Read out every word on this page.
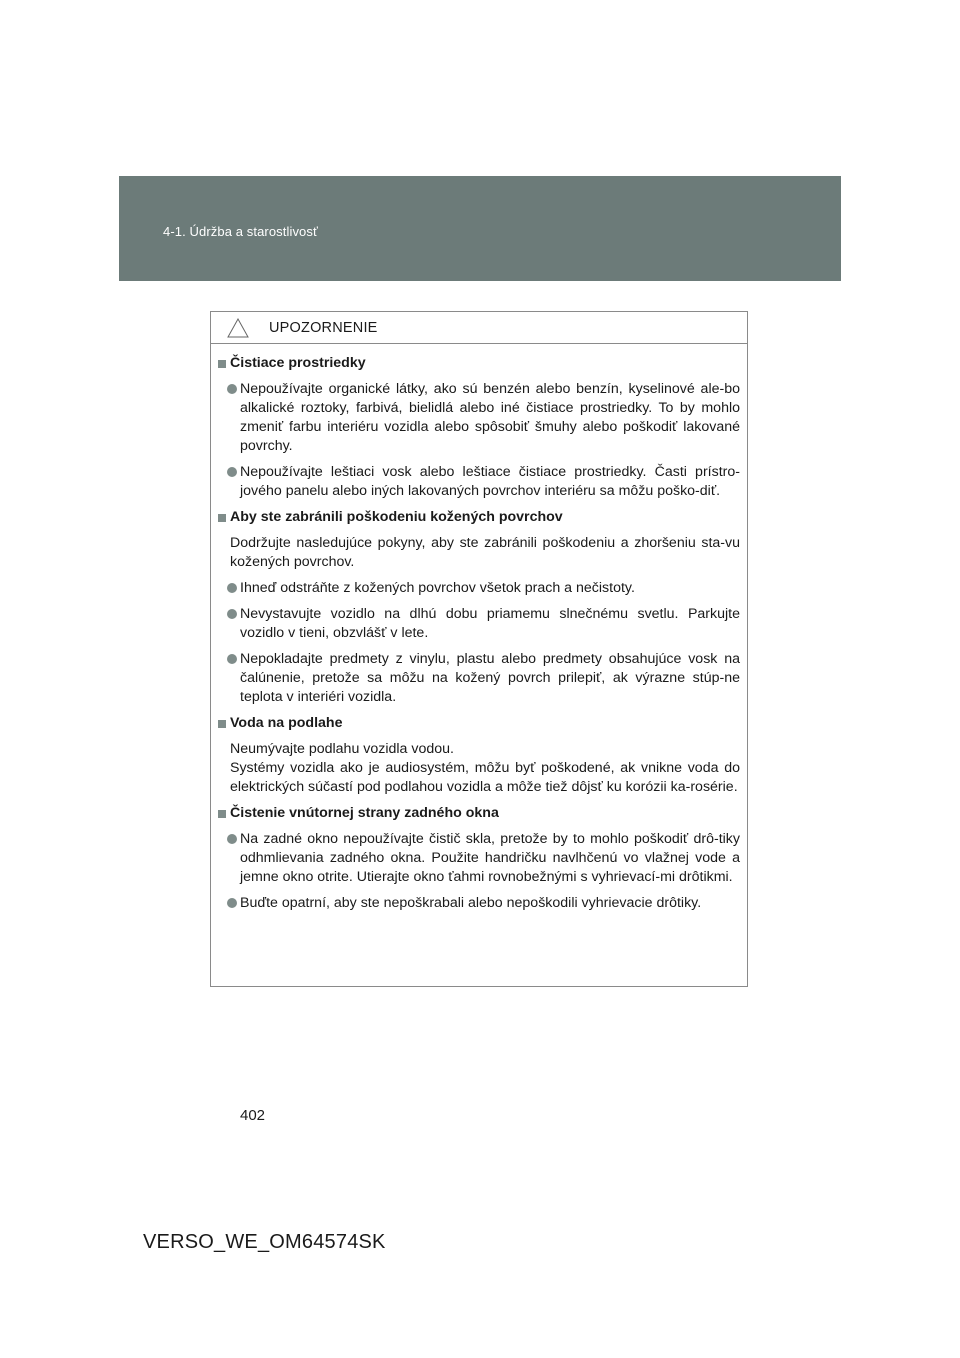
4-1. Údržba a starostlivosť
UPOZORNENIE
Čistiace prostriedky
Nepoužívajte organické látky, ako sú benzén alebo benzín, kyselinové ale-bo alkalické roztoky, farbivá, bielidlá alebo iné čistiace prostriedky. To by mohlo zmeniť farbu interiéru vozidla alebo spôsobiť šmuhy alebo poškodiť lakované povrchy.
Nepoužívajte leštiaci vosk alebo leštiace čistiace prostriedky. Časti prístro-jového panelu alebo iných lakovaných povrchov interiéru sa môžu poško-diť.
Aby ste zabránili poškodeniu kožených povrchov

Dodržujte nasledujúce pokyny, aby ste zabránili poškodeniu a zhoršeniu sta-vu kožených povrchov.

Ihneď odstráňte z kožených povrchov všetok prach a nečistoty.
Nevystavujte vozidlo na dlhú dobu priamemu slnečnému svetlu. Parkujte vozidlo v tieni, obzvlášť v lete.
Nepokladajte predmety z vinylu, plastu alebo predmety obsahujúce vosk na čalúnenie, pretože sa môžu na kožený povrch prilepiť, ak výrazne stúp-ne teplota v interiéri vozidla.
Voda na podlahe

Neumývajte podlahu vozidla vodou.

Systémy vozidla ako je audiosystém, môžu byť poškodené, ak vnikne voda do elektrických súčastí pod podlahou vozidla a môže tiež dôjsť ku korózii ka-rosérie.

Čistenie vnútornej strany zadného okna
Na zadné okno nepoužívajte čistič skla, pretože by to mohlo poškodiť drô-tiky odhmlievania zadného okna. Použite handričku navlhčenú vo vlažnej vode a jemne okno otrite. Utierajte okno ťahmi rovnobežnými s vyhrievací-mi drôtikmi.
Buďte opatrní, aby ste nepoškrabali alebo nepoškodili vyhrievacie drôtiky.
402
VERSO_WE_OM64574SK
